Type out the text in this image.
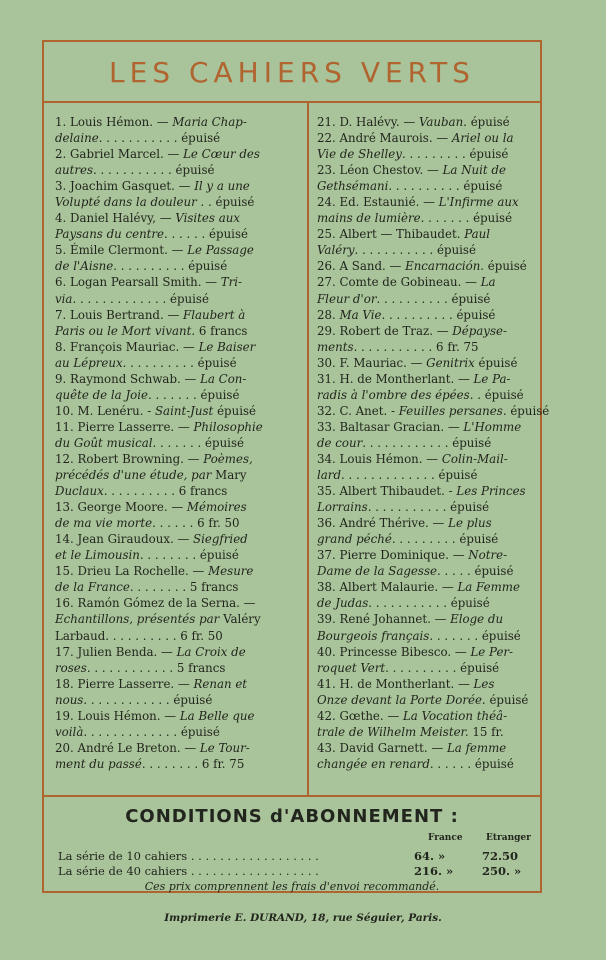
LES CAHIERS VERTS
1. Louis Hémon. — Maria Chap-
delaine. . . . . . . . . . . épuisé
2. Gabriel Marcel. — Le Cœur des
autres. . . . . . . . . . . épuisé
3. Joachim Gasquet. — Il y a une
Volupté dans la douleur . . épuisé
4. Daniel Halévy, — Visites aux
Paysans du centre. . . . . . épuisé
5. Émile Clermont. — Le Passage
de l'Aisne. . . . . . . . . . épuisé
6. Logan Pearsall Smith. — Tri-
via. . . . . . . . . . . . . épuisé
7. Louis Bertrand. — Flaubert à
Paris ou le Mort vivant. 6 francs
8. François Mauriac. — Le Baiser
au Lépreux. . . . . . . . . . épuisé
9. Raymond Schwab. — La Con-
quête de la Joie. . . . . . . épuisé
10. M. Lenéru. - Saint-Just épuisé
11. Pierre Lasserre. — Philosophie
du Goût musical. . . . . . . épuisé
12. Robert Browning. — Poèmes,
précédés d'une étude, par Mary
Duclaux. . . . . . . . . . 6 francs
13. George Moore. — Mémoires
de ma vie morte. . . . . . 6 fr. 50
14. Jean Giraudoux. — Siegfried
et le Limousin. . . . . . . . épuisé
15. Drieu La Rochelle. — Mesure
de la France. . . . . . . . 5 francs
16. Ramón Gómez de la Serna. —
Echantillons, présentés par Valéry
Larbaud. . . . . . . . . . 6 fr. 50
17. Julien Benda. — La Croix de
roses. . . . . . . . . . . . 5 francs
18. Pierre Lasserre. — Renan et
nous. . . . . . . . . . . . épuisé
19. Louis Hémon. — La Belle que
voilà. . . . . . . . . . . . . épuisé
20. André Le Breton. — Le Tour-
ment du passé. . . . . . . . 6 fr. 75
21. D. Halévy. — Vauban. épuisé
22. André Maurois. — Ariel ou la
Vie de Shelley. . . . . . . . . épuisé
23. Léon Chestov. — La Nuit de
Gethsémani. . . . . . . . . . épuisé
24. Ed. Estaunié. — L'Infirme aux
mains de lumière. . . . . . . épuisé
25. Albert — Thibaudet. Paul
Valéry. . . . . . . . . . . épuisé
26. A Sand. — Encarnación. épuisé
27. Comte de Gobineau. — La
Fleur d'or. . . . . . . . . . épuisé
28. Ma Vie. . . . . . . . . . épuisé
29. Robert de Traz. — Dépayse-
ments. . . . . . . . . . . 6 fr. 75
30. F. Mauriac. — Genitrix épuisé
31. H. de Montherlant. — Le Pa-
radis à l'ombre des épées. . épuisé
32. C. Anet. - Feuilles persanes. épuisé
33. Baltasar Gracian. — L'Homme
de cour. . . . . . . . . . . . épuisé
34. Louis Hémon. — Colin-Mail-
lard. . . . . . . . . . . . . épuisé
35. Albert Thibaudet. - Les Princes
Lorrains. . . . . . . . . . . épuisé
36. André Thérive. — Le plus
grand péché. . . . . . . . . épuisé
37. Pierre Dominique. — Notre-
Dame de la Sagesse. . . . . épuisé
38. Albert Malaurie. — La Femme
de Judas. . . . . . . . . . . épuisé
39. René Johannet. — Eloge du
Bourgeois français. . . . . . . épuisé
40. Princesse Bibesco. — Le Per-
roquet Vert. . . . . . . . . . épuisé
41. H. de Montherlant. — Les
Onze devant la Porte Dorée. épuisé
42. Gœthe. — La Vocation théâ-
trale de Wilhelm Meister. 15 fr.
43. David Garnett. — La femme
changée en renard. . . . . . épuisé
CONDITIONS d'ABONNEMENT :
France	Etranger
La série de 10 cahiers . . . . . . . . . . . . . . . . . .	64. »	72.50
La série de 40 cahiers . . . . . . . . . . . . . . . . . .	216. »	250. »
Ces prix comprennent les frais d'envoi recommandé.
Imprimerie E. DURAND, 18, rue Séguier, Paris.
